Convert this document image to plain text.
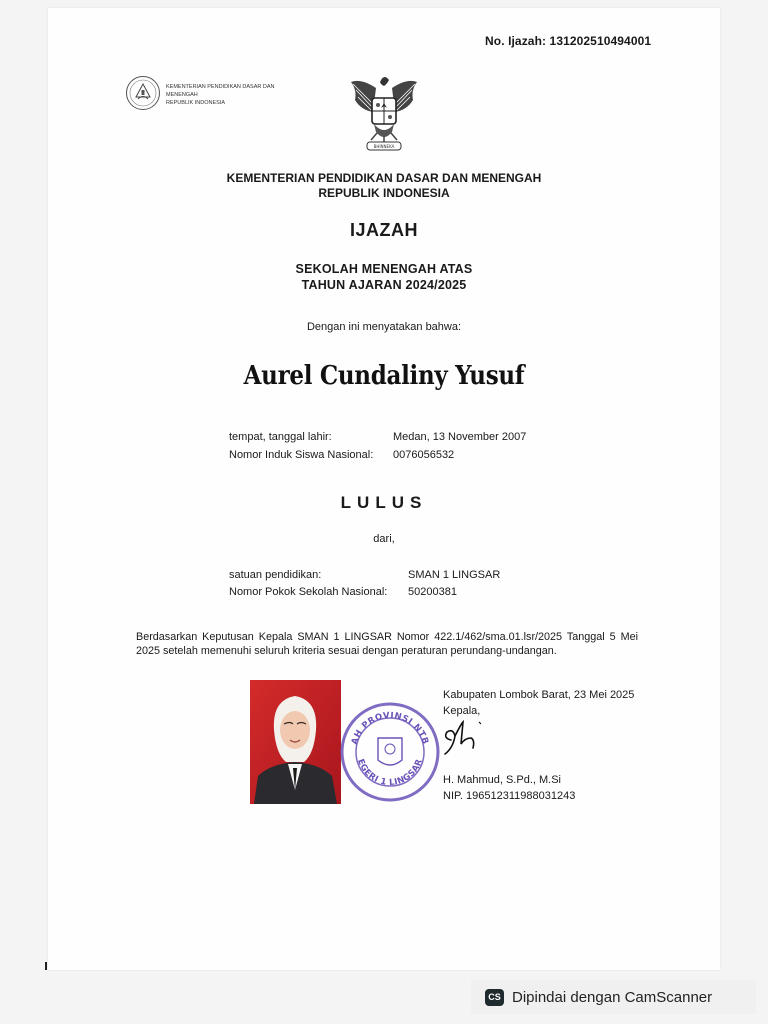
No. Ijazah: 131202510494001
KEMENTERIAN PENDIDIKAN DASAR DAN MENENGAH
REPUBLIK INDONESIA
BHINNEKA
KEMENTERIAN PENDIDIKAN DASAR DAN MENENGAH
REPUBLIK INDONESIA
IJAZAH
SEKOLAH MENENGAH ATAS
TAHUN AJARAN 2024/2025
Dengan ini menyatakan bahwa:
Aurel Cundaliny Yusuf
tempat, tanggal lahir:	Medan, 13 November 2007
Nomor Induk Siswa Nasional: 0076056532
LULUS
dari,
satuan pendidikan:	SMAN 1 LINGSAR
Nomor Pokok Sekolah Nasional: 50200381
Berdasarkan Keputusan Kepala SMAN 1 LINGSAR Nomor 422.1/462/sma.01.lsr/2025 Tanggal 5 Mei 2025 setelah memenuhi seluruh kriteria sesuai dengan peraturan perundang-undangan.
AH PROVINSI NTB
EGERI 1 LINGSAR
Kabupaten Lombok Barat, 23 Mei 2025
Kepala,
H. Mahmud, S.Pd., M.Si
NIP. 196512311988031243
CS Dipindai dengan CamScanner
